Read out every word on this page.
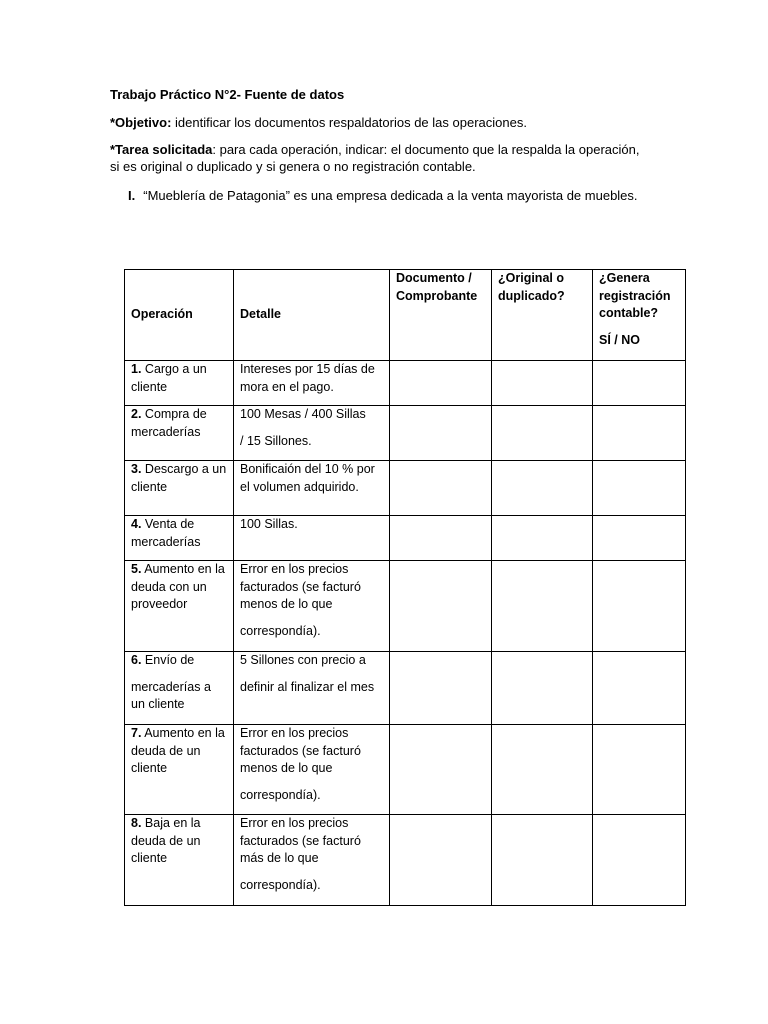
Trabajo Práctico N°2- Fuente de datos
*Objetivo: identificar los documentos respaldatorios de las operaciones.
*Tarea solicitada: para cada operación, indicar: el documento que la respalda la operación, si es original o duplicado y si genera o no registración contable.
I. “Mueblería de Patagonia” es una empresa dedicada a la venta mayorista de muebles.
Operación	Detalle	Documento / Comprobante	¿Original o duplicado?	¿Genera registración contable?
SÍ / NO

1. Cargo a un cliente	Intereses por 15 días de mora en el pago.			
2. Compra de mercaderías	100 Mesas / 400 Sillas
/ 15 Sillones.			

3. Descargo a un cliente	Bonificaión del 10 % por el volumen adquirido.			
4. Venta de mercaderías	100 Sillas.			
5. Aumento en la deuda con un proveedor	Error en los precios facturados (se facturó menos de lo que
correspondía).			

6. Envío de
mercaderías a un cliente	5 Sillones con precio a
definir al finalizar el mes			

7. Aumento en la deuda de un cliente	Error en los precios facturados (se facturó menos de lo que
correspondía).			

8. Baja en la deuda de un cliente	Error en los precios facturados (se facturó más de lo que
correspondía).			
